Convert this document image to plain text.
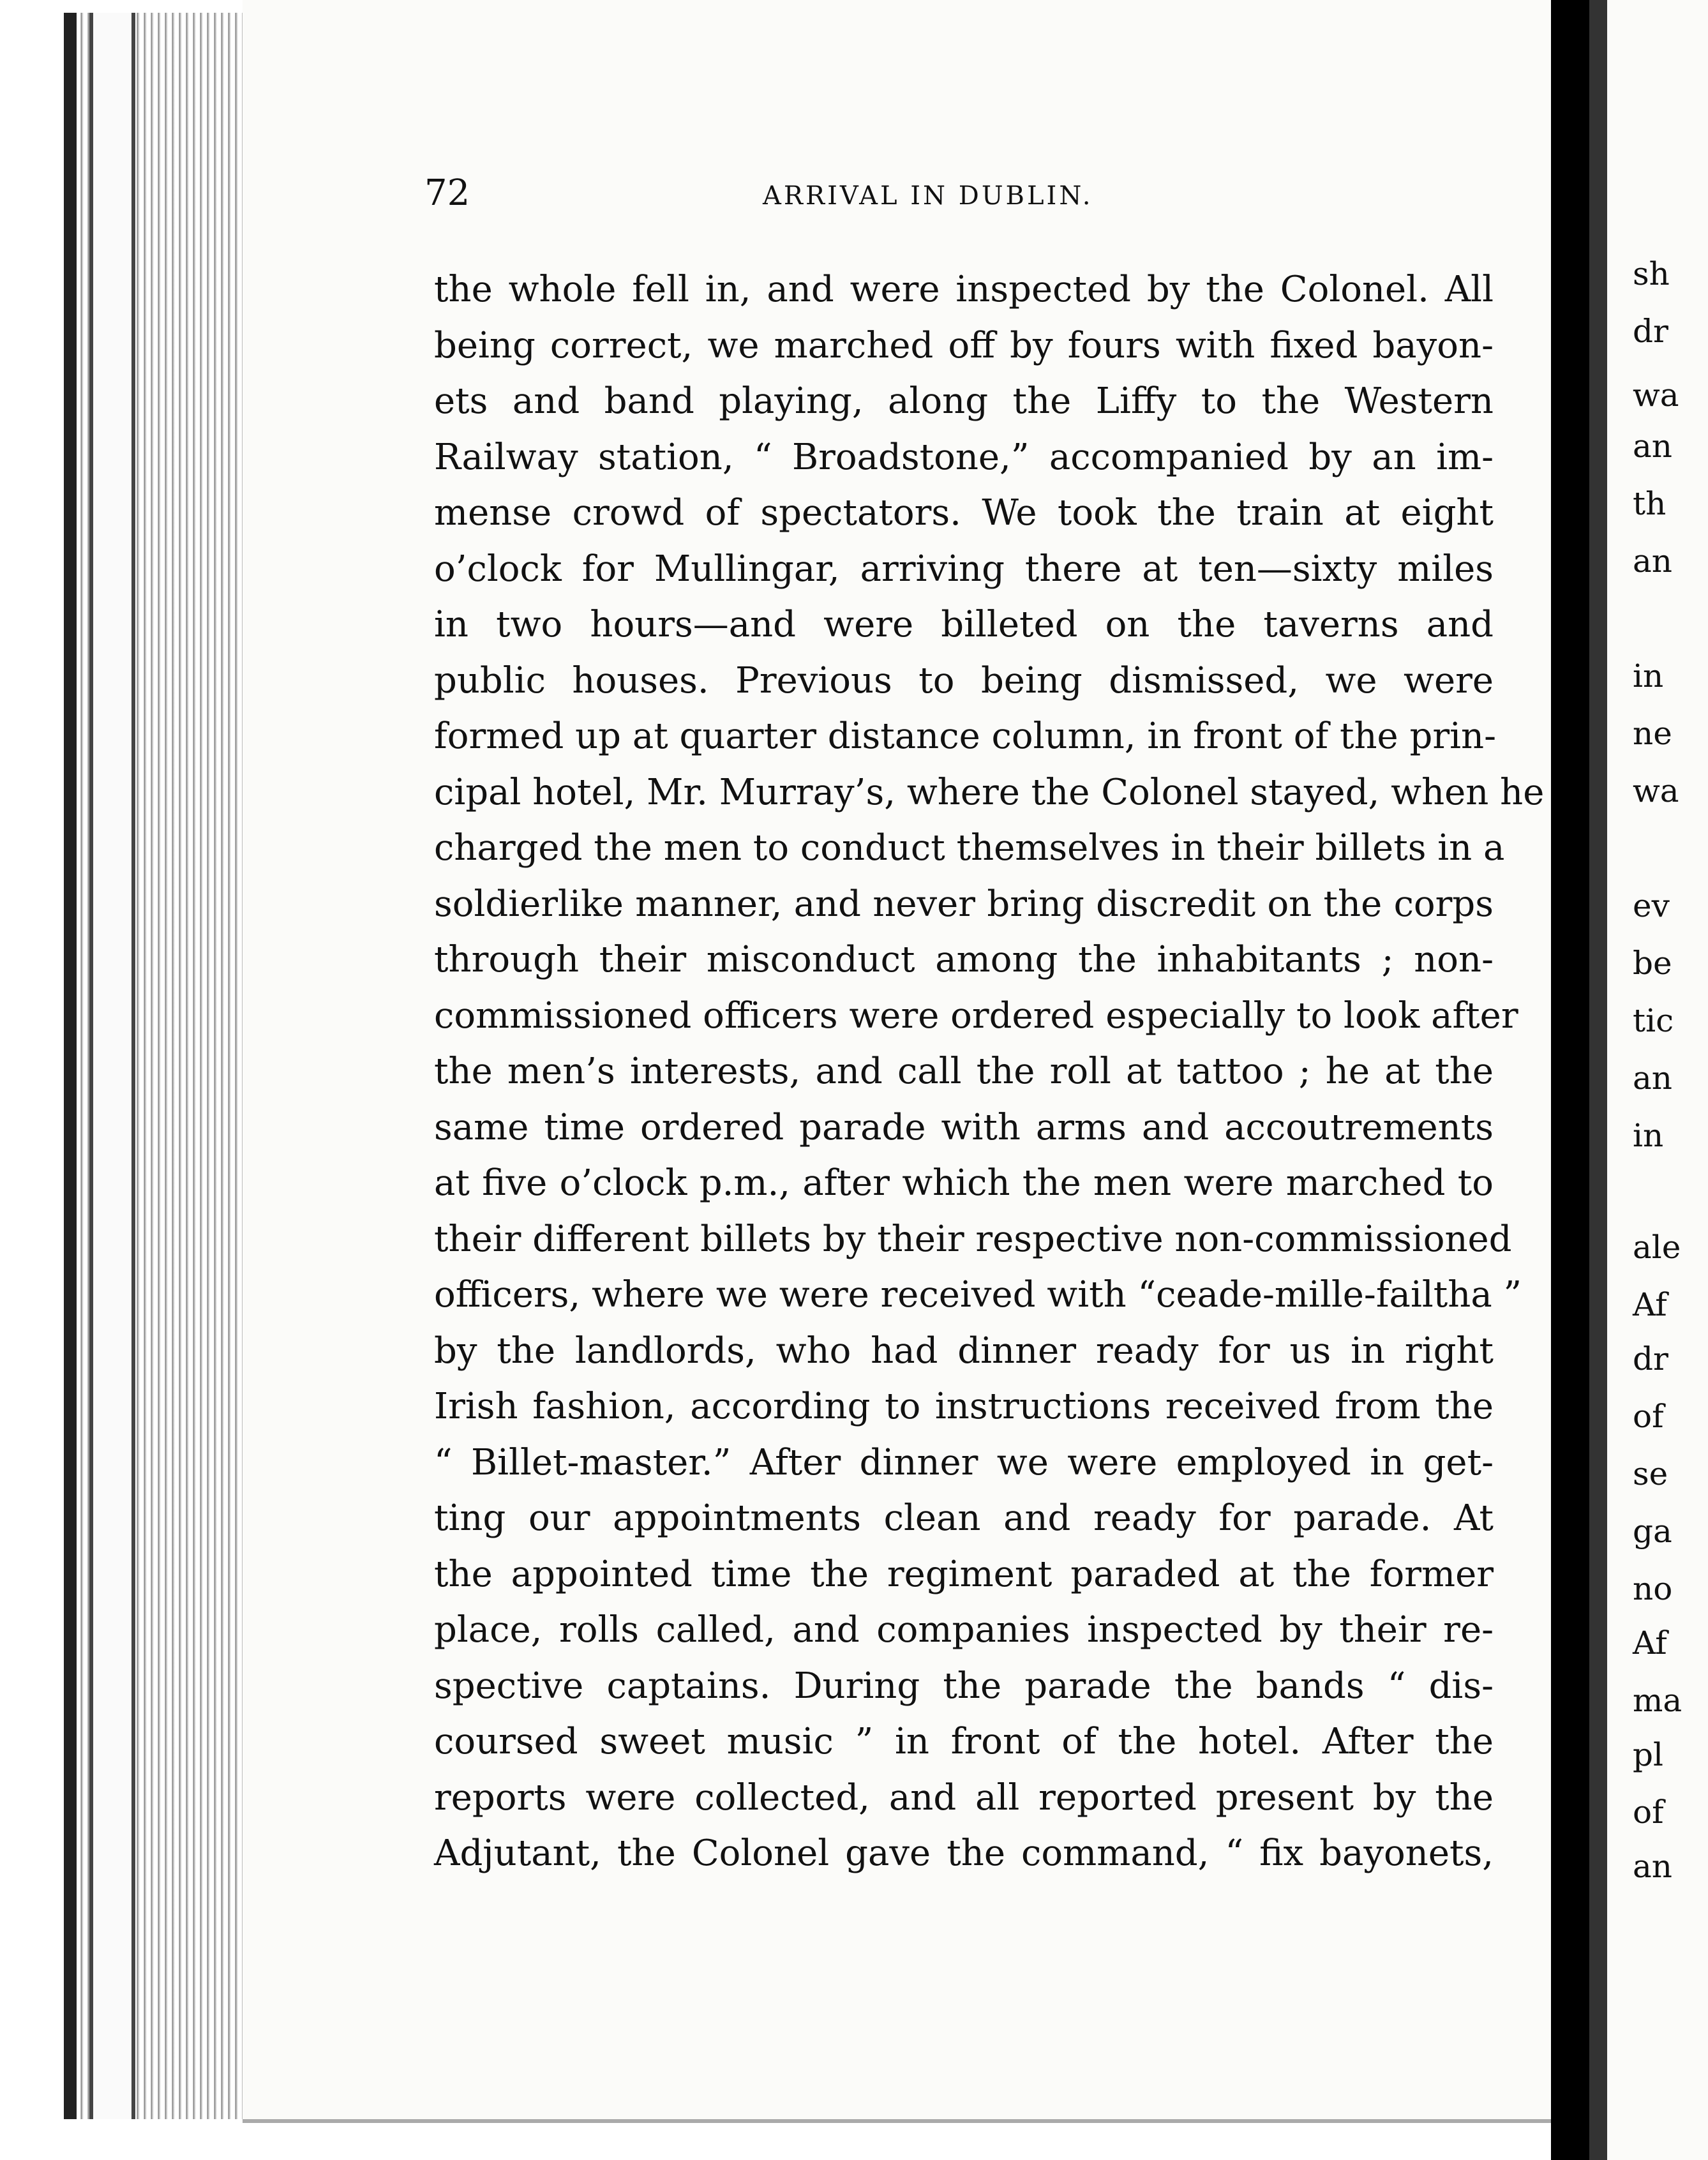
72	ARRIVAL IN DUBLIN.
the whole fell in, and were inspected by the Colonel. All
being correct, we marched off by fours with fixed bayon-
ets and band playing, along the Liffy to the Western
Railway station, “ Broadstone,” accompanied by an im-
mense crowd of spectators. We took the train at eight
o’clock for Mullingar, arriving there at ten—sixty miles
in two hours—and were billeted on the taverns and
public houses. Previous to being dismissed, we were
formed up at quarter distance column, in front of the prin-
cipal hotel, Mr. Murray’s, where the Colonel stayed, when he
charged the men to conduct themselves in their billets in a
soldierlike manner, and never bring discredit on the corps
through their misconduct among the inhabitants ; non-
commissioned officers were ordered especially to look after
the men’s interests, and call the roll at tattoo ; he at the
same time ordered parade with arms and accoutrements
at five o’clock p.m., after which the men were marched to
their different billets by their respective non-commissioned
officers, where we were received with “ceade-mille-failtha ”
by the landlords, who had dinner ready for us in right
Irish fashion, according to instructions received from the
“ Billet-master.” After dinner we were employed in get-
ting our appointments clean and ready for parade. At
the appointed time the regiment paraded at the former
place, rolls called, and companies inspected by their re-
spective captains. During the parade the bands “ dis-
coursed sweet music ” in front of the hotel. After the
reports were collected, and all reported present by the
Adjutant, the Colonel gave the command, “ fix bayonets,
sh
dr
wa
an
th
an
in
ne
wa
ev
be
tic
an
in
ale
Af
dr
of
se
ga
no
Af
ma
pl
of
an
